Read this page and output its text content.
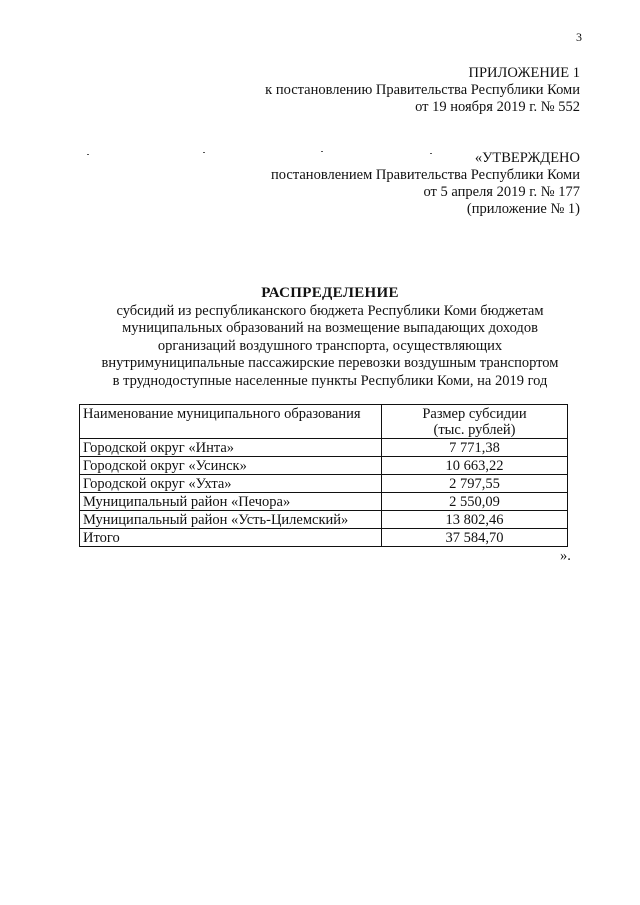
3
ПРИЛОЖЕНИЕ 1
к постановлению Правительства Республики Коми
от 19 ноября 2019 г. № 552
«УТВЕРЖДЕНО
постановлением Правительства Республики Коми
от 5 апреля 2019 г. № 177
(приложение № 1)
РАСПРЕДЕЛЕНИЕ
субсидий из республиканского бюджета Республики Коми бюджетам
муниципальных образований на возмещение выпадающих доходов
организаций воздушного транспорта, осуществляющих
внутримуниципальные пассажирские перевозки воздушным транспортом
в труднодоступные населенные пункты Республики Коми, на 2019 год
Наименование муниципального образования	Размер субсидии
(тыс. рублей)

Городской округ «Инта»	7 771,38
Городской округ «Усинск»	10 663,22
Городской округ «Ухта»	2 797,55
Муниципальный район «Печора»	2 550,09
Муниципальный район «Усть-Цилемский»	13 802,46
Итого	37 584,70
».
